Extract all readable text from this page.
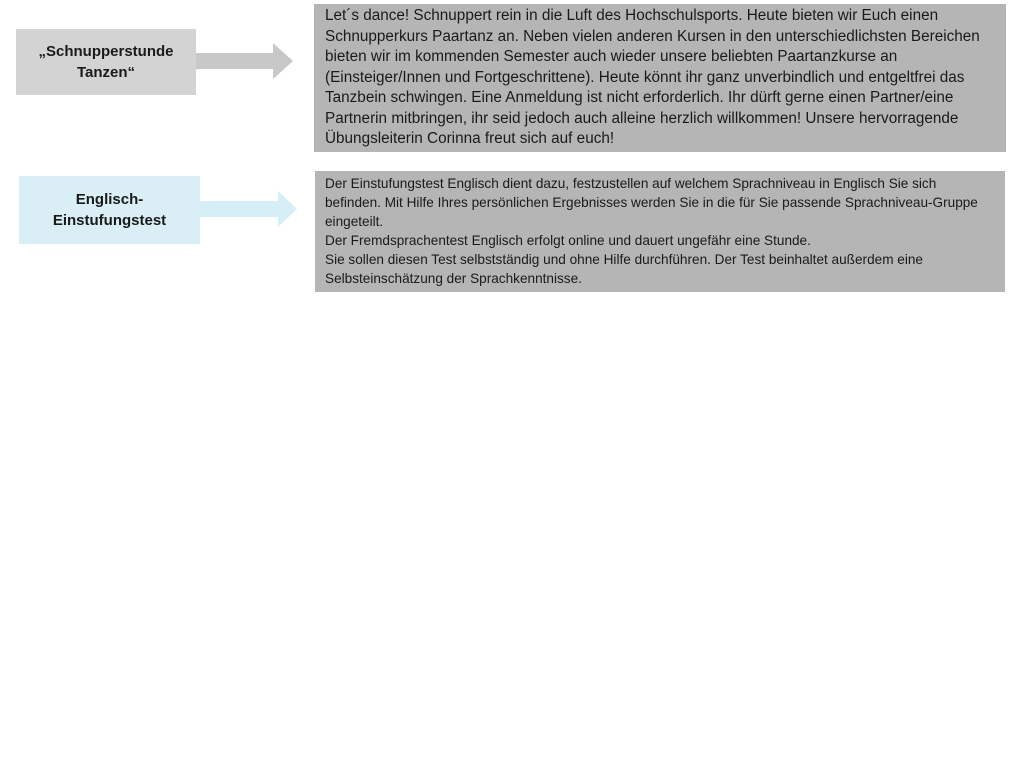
„Schnupperstunde
Tanzen“

Let´s dance! Schnuppert rein in die Luft des Hochschulsports. Heute bieten wir Euch einen Schnupperkurs Paartanz an. Neben vielen anderen Kursen in den unterschiedlichsten Bereichen bieten wir im kommenden Semester auch wieder unsere beliebten Paartanzkurse an (Einsteiger/Innen und Fortgeschrittene). Heute könnt ihr ganz unverbindlich und entgeltfrei das Tanzbein schwingen. Eine Anmeldung ist nicht erforderlich. Ihr dürft gerne einen Partner/eine Partnerin mitbringen, ihr seid jedoch auch alleine herzlich willkommen! Unsere hervorragende Übungsleiterin Corinna freut sich auf euch!

Englisch-
Einstufungstest

Der Einstufungstest Englisch dient dazu, festzustellen auf welchem Sprachniveau in Englisch Sie sich befinden. Mit Hilfe Ihres persönlichen Ergebnisses werden Sie in die für Sie passende Sprachniveau-Gruppe eingeteilt.

Der Fremdsprachentest Englisch erfolgt online und dauert ungefähr eine Stunde.

Sie sollen diesen Test selbstständig und ohne Hilfe durchführen. Der Test beinhaltet außerdem eine Selbsteinschätzung der Sprachkenntnisse.
